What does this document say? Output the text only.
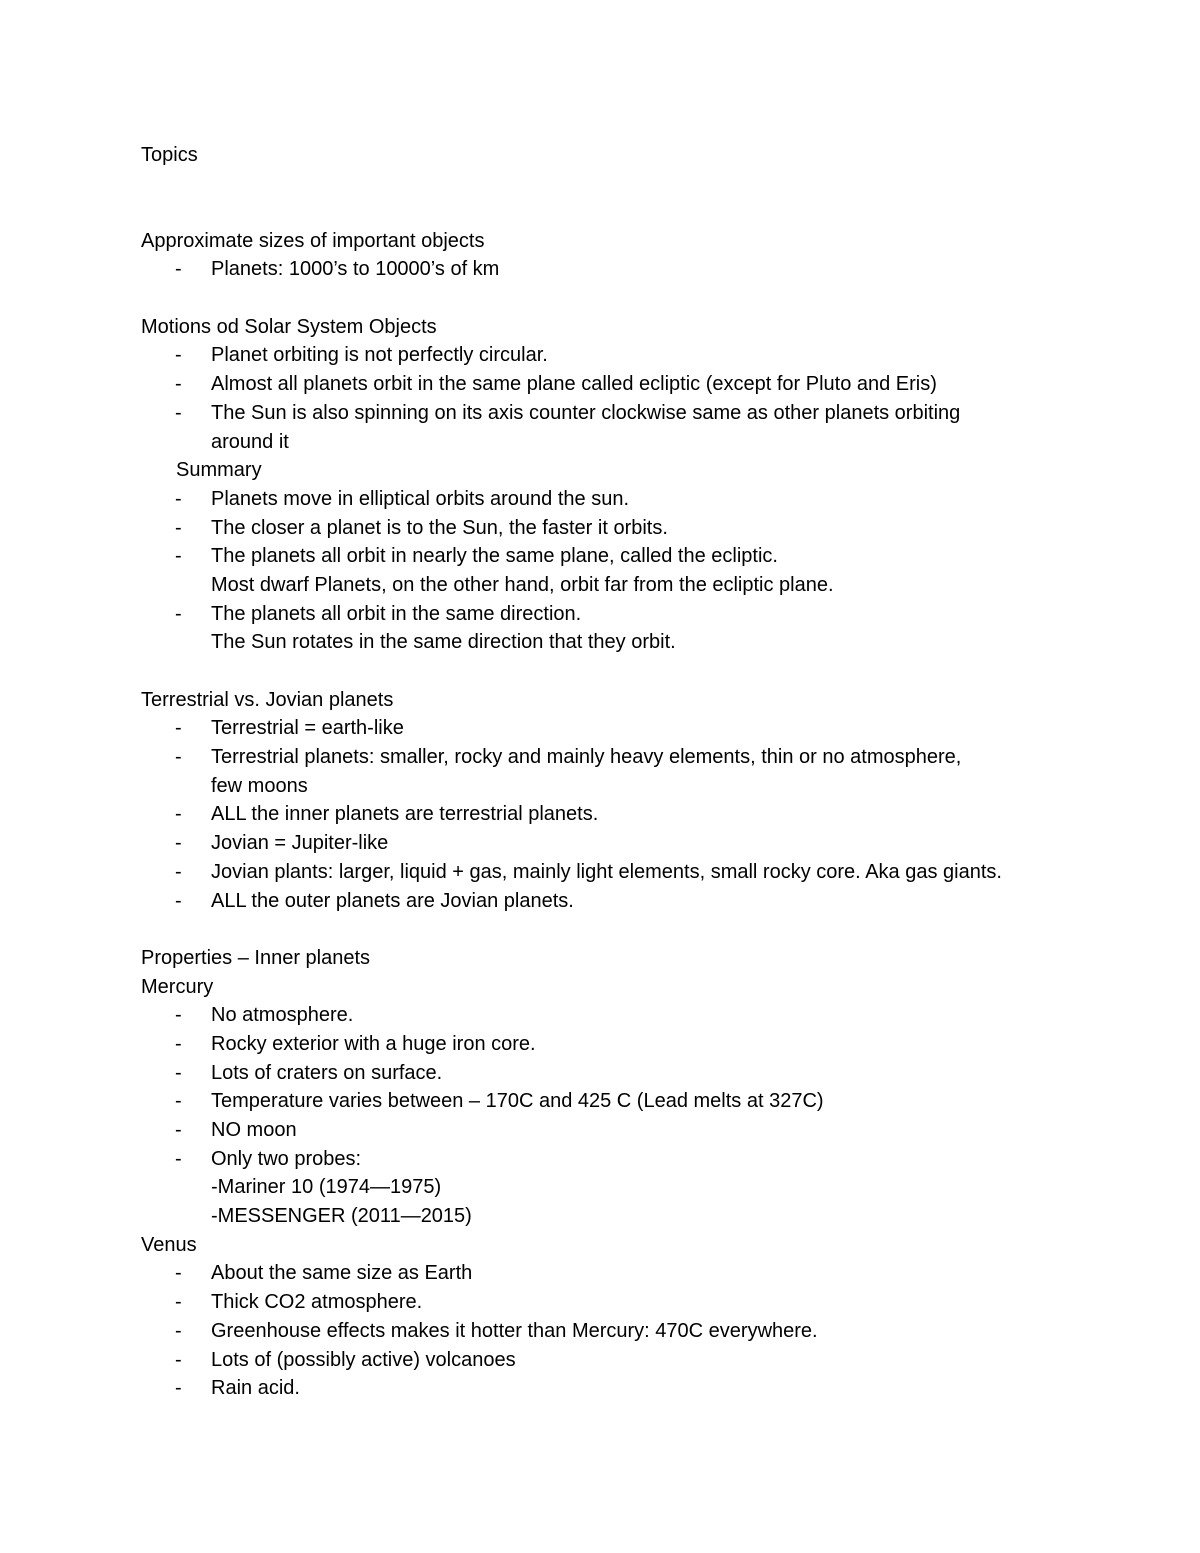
Topics
Approximate sizes of important objects
- Planets: 1000’s to 10000’s of km
Motions od Solar System Objects
- Planet orbiting is not perfectly circular.
- Almost all planets orbit in the same plane called ecliptic (except for Pluto and Eris)
- The Sun is also spinning on its axis counter clockwise same as other planets orbiting
around it
Summary
- Planets move in elliptical orbits around the sun.
- The closer a planet is to the Sun, the faster it orbits.
- The planets all orbit in nearly the same plane, called the ecliptic.
Most dwarf Planets, on the other hand, orbit far from the ecliptic plane.
- The planets all orbit in the same direction.
The Sun rotates in the same direction that they orbit.
Terrestrial vs. Jovian planets
- Terrestrial = earth-like
- Terrestrial planets: smaller, rocky and mainly heavy elements, thin or no atmosphere,
few moons
- ALL the inner planets are terrestrial planets.
- Jovian = Jupiter-like
- Jovian plants: larger, liquid + gas, mainly light elements, small rocky core. Aka gas giants.
- ALL the outer planets are Jovian planets.
Properties – Inner planets
Mercury
- No atmosphere.
- Rocky exterior with a huge iron core.
- Lots of craters on surface.
- Temperature varies between – 170C and 425 C (Lead melts at 327C)
- NO moon
- Only two probes:
-Mariner 10 (1974—1975)
-MESSENGER (2011—2015)
Venus
- About the same size as Earth
- Thick CO2 atmosphere.
- Greenhouse effects makes it hotter than Mercury: 470C everywhere.
- Lots of (possibly active) volcanoes
- Rain acid.
